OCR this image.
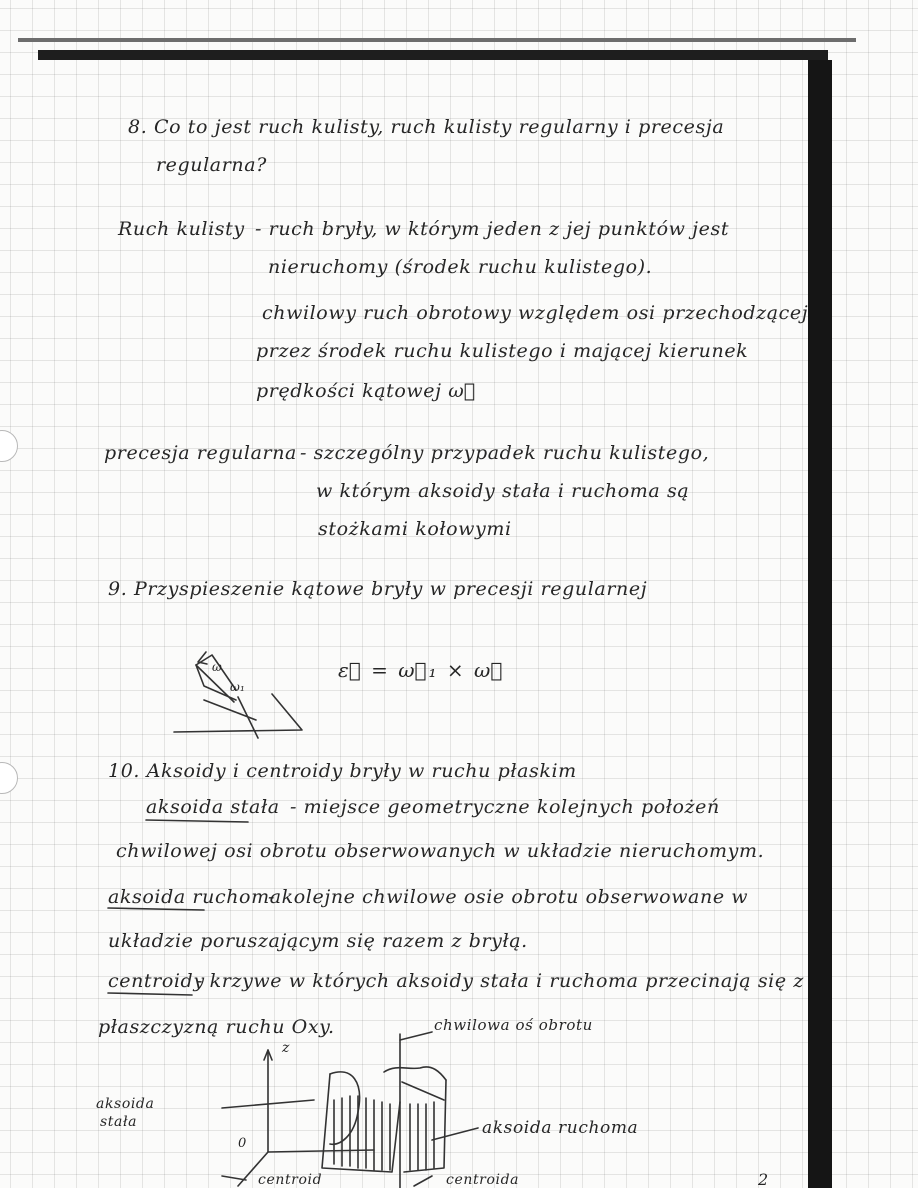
8. Co to jest ruch kulisty, ruch kulisty regularny i precesja
regularna?
Ruch kulisty - ruch bryły, w którym jeden z jej punktów jest
nieruchomy (środek ruchu kulistego).
chwilowy ruch obrotowy względem osi przechodzącej
przez środek ruchu kulistego i mającej kierunek
prędkości kątowej ω⃗
precesja regularna - szczególny przypadek ruchu kulistego,
w którym aksoidy stała i ruchoma są
stożkami kołowymi
9. Przyspieszenie kątowe bryły w precesji regularnej
ε⃗ = ω⃗₁ × ω⃗
ω
ω₁
10. Aksoidy i centroidy bryły w ruchu płaskim
aksoida stała - miejsce geometryczne kolejnych położeń
chwilowej osi obrotu obserwowanych w układzie nieruchomym.
aksoida ruchoma
- kolejne chwilowe osie obrotu obserwowane w
układzie poruszającym się razem z bryłą.
centroidy
- krzywe w których aksoidy stała i ruchoma przecinają się z
płaszczyzną ruchu Oxy.	chwilowa oś obrotu
z
aksoida
stała	aksoida ruchoma
0
centroid	centroida	2
